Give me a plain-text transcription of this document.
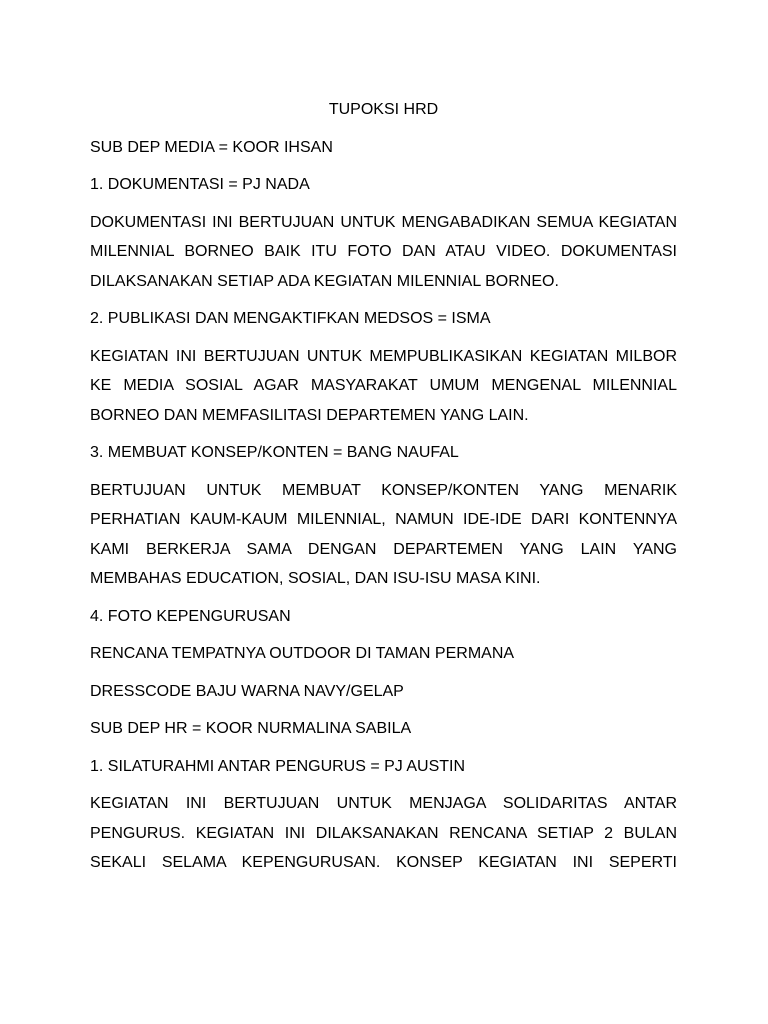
TUPOKSI HRD
SUB DEP MEDIA = KOOR IHSAN
1. DOKUMENTASI = PJ NADA
DOKUMENTASI INI BERTUJUAN UNTUK MENGABADIKAN SEMUA KEGIATAN MILENNIAL BORNEO BAIK ITU FOTO DAN ATAU VIDEO. DOKUMENTASI DILAKSANAKAN SETIAP ADA KEGIATAN MILENNIAL BORNEO.
2. PUBLIKASI DAN MENGAKTIFKAN MEDSOS = ISMA
KEGIATAN INI BERTUJUAN UNTUK MEMPUBLIKASIKAN KEGIATAN MILBOR KE MEDIA SOSIAL AGAR MASYARAKAT UMUM MENGENAL MILENNIAL BORNEO DAN MEMFASILITASI DEPARTEMEN YANG LAIN.
3. MEMBUAT KONSEP/KONTEN = BANG NAUFAL
BERTUJUAN UNTUK MEMBUAT KONSEP/KONTEN YANG MENARIK PERHATIAN KAUM-KAUM MILENNIAL, NAMUN IDE-IDE DARI KONTENNYA KAMI BERKERJA SAMA DENGAN DEPARTEMEN YANG LAIN YANG MEMBAHAS EDUCATION, SOSIAL, DAN ISU-ISU MASA KINI.
4. FOTO KEPENGURUSAN
RENCANA TEMPATNYA OUTDOOR DI TAMAN PERMANA
DRESSCODE BAJU WARNA NAVY/GELAP
SUB DEP HR = KOOR NURMALINA SABILA
1. SILATURAHMI ANTAR PENGURUS = PJ AUSTIN
KEGIATAN INI BERTUJUAN UNTUK MENJAGA SOLIDARITAS ANTAR PENGURUS. KEGIATAN INI DILAKSANAKAN RENCANA SETIAP 2 BULAN SEKALI SELAMA KEPENGURUSAN. KONSEP KEGIATAN INI SEPERTI
